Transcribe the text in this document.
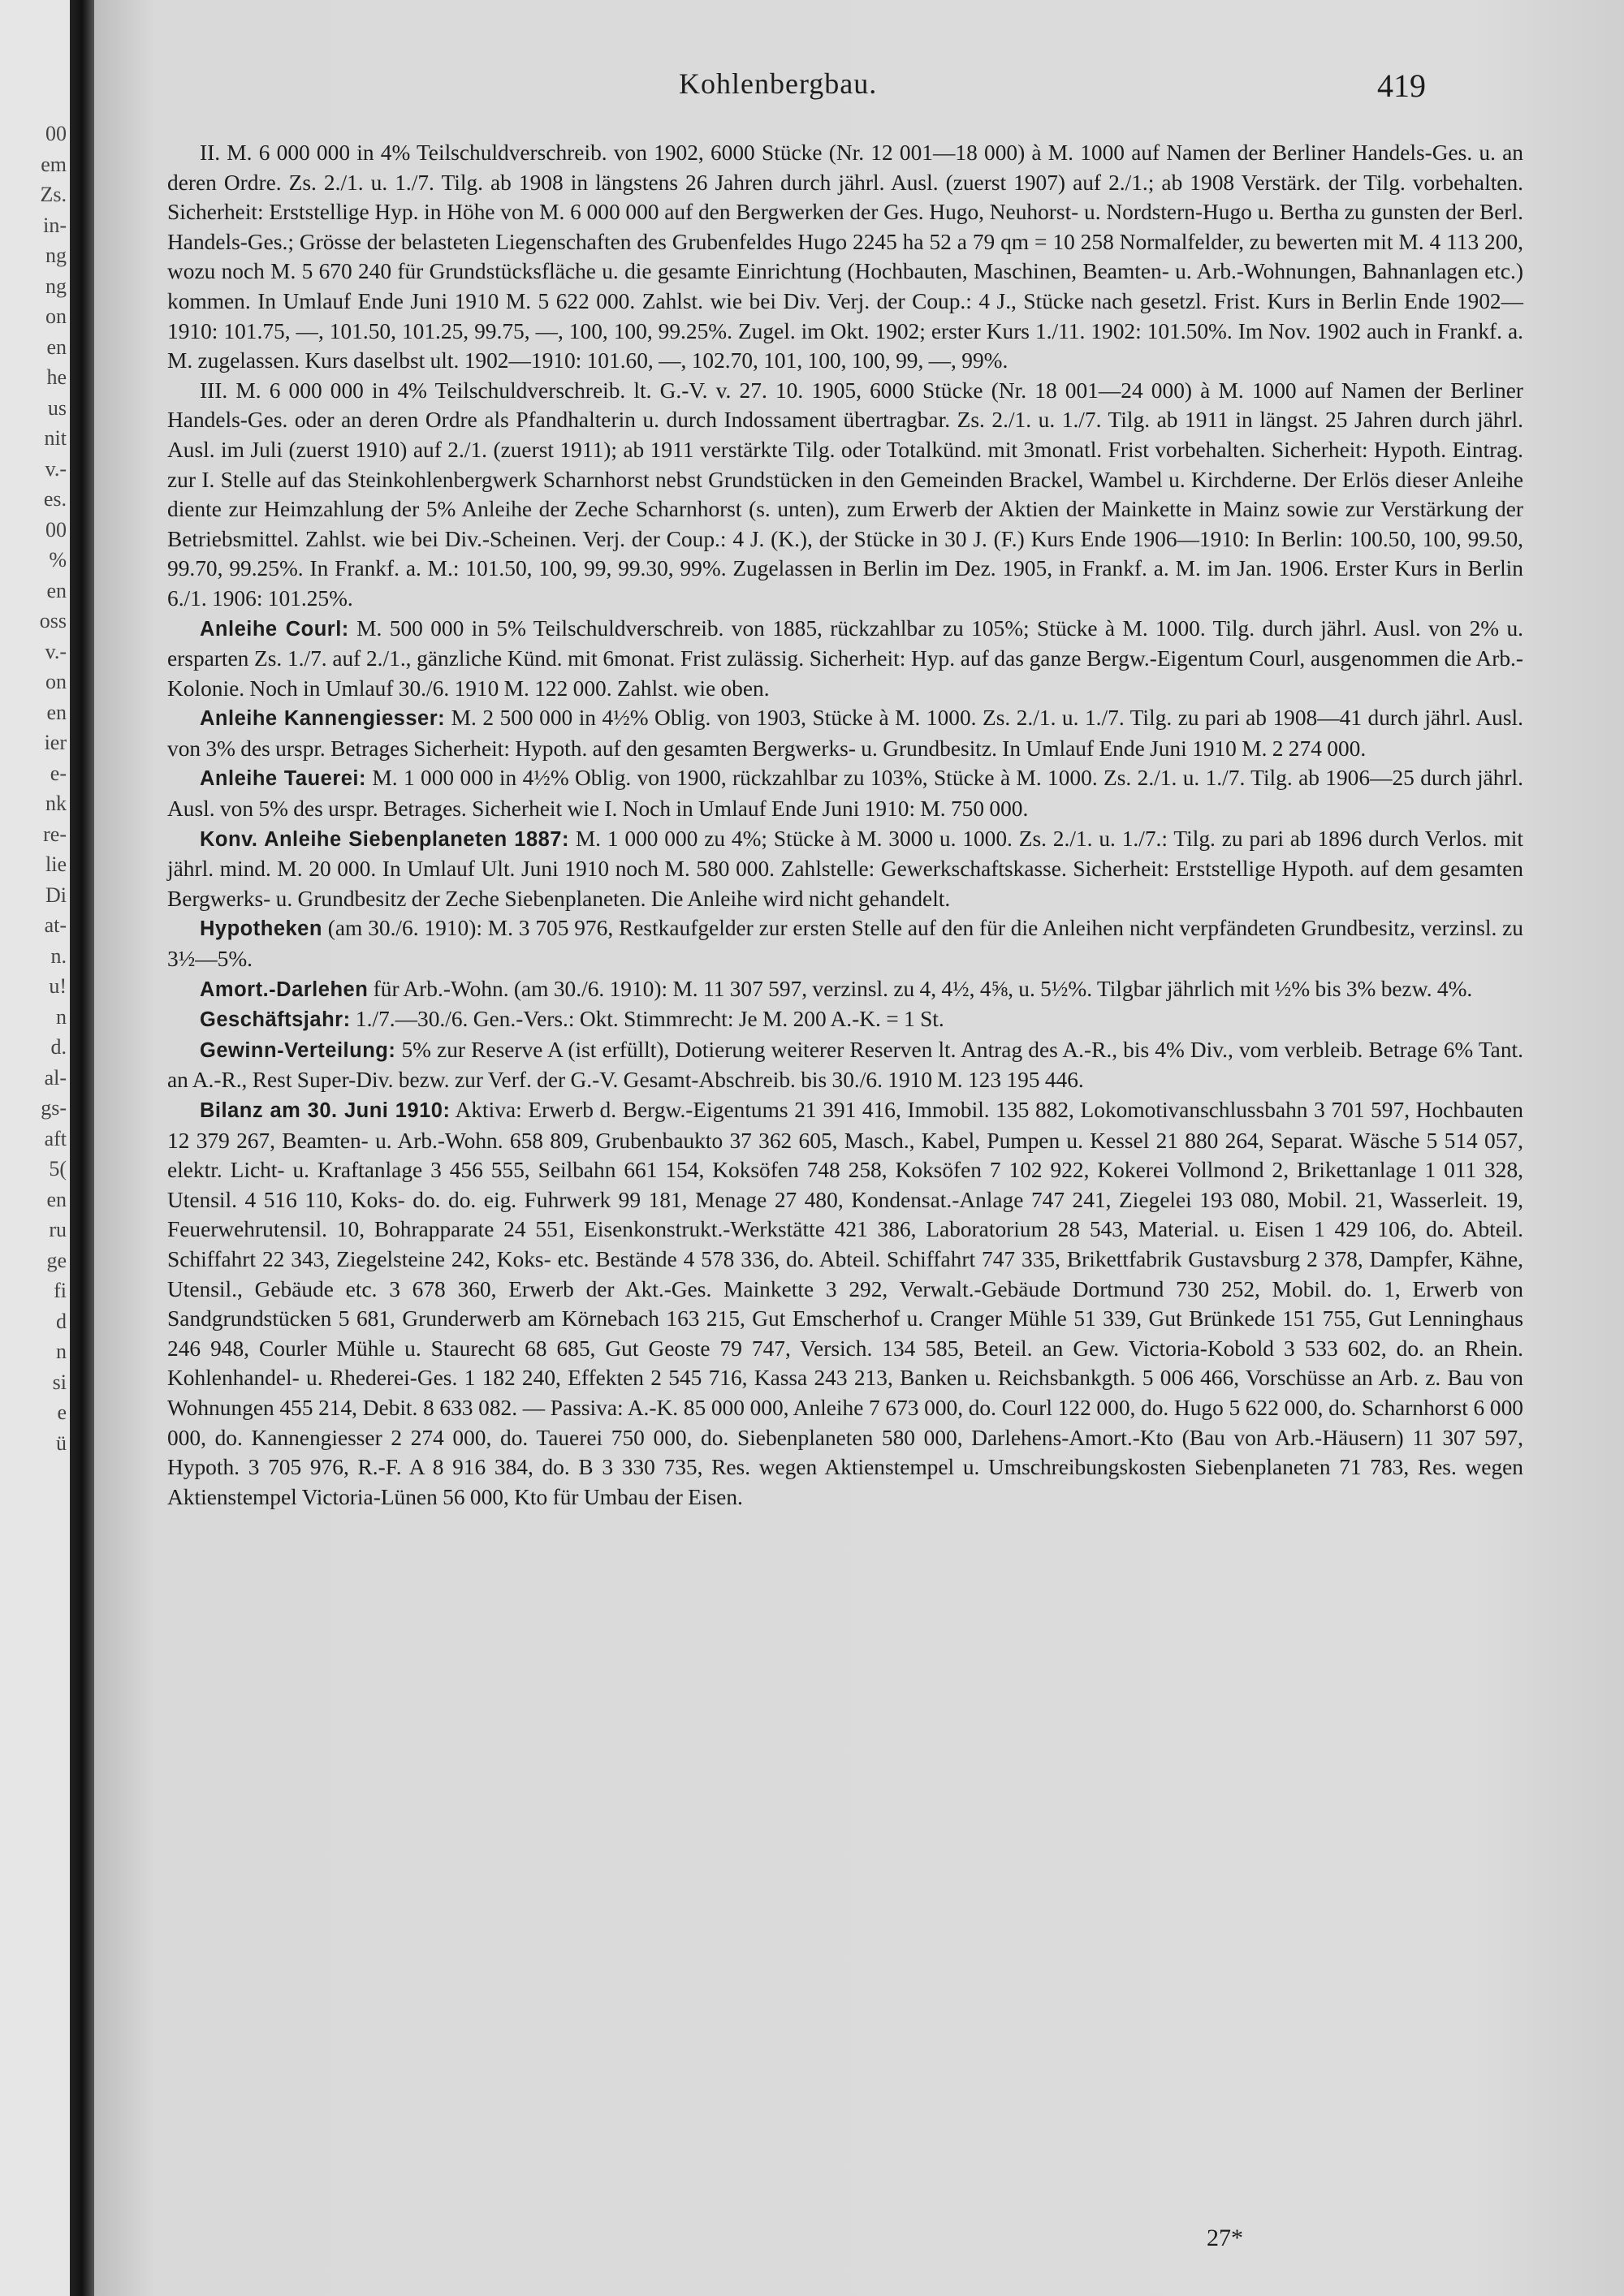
00
em
Zs.
in-
ng
ng
on
en
he
us
nit
v.-
es.
00
%
en
oss
v.-
on
en
ier
e-
nk
re-
lie
Di
at-
n.
u!
n
d.
al-
gs-
aft
5(
en
ru
ge
fi
d
n
si
e
ü
Kohlenbergbau.	419

II. M. 6 000 000 in 4% Teilschuldverschreib. von 1902, 6000 Stücke (Nr. 12 001—18 000) à M. 1000 auf Namen der Berliner Handels-Ges. u. an deren Ordre. Zs. 2./1. u. 1./7. Tilg. ab 1908 in längstens 26 Jahren durch jährl. Ausl. (zuerst 1907) auf 2./1.; ab 1908 Verstärk. der Tilg. vorbehalten. Sicherheit: Erststellige Hyp. in Höhe von M. 6 000 000 auf den Bergwerken der Ges. Hugo, Neuhorst- u. Nordstern-Hugo u. Bertha zu gunsten der Berl. Handels-Ges.; Grösse der belasteten Liegenschaften des Grubenfeldes Hugo 2245 ha 52 a 79 qm = 10 258 Normalfelder, zu bewerten mit M. 4 113 200, wozu noch M. 5 670 240 für Grundstücksfläche u. die gesamte Einrichtung (Hochbauten, Maschinen, Beamten- u. Arb.-Wohnungen, Bahnanlagen etc.) kommen. In Umlauf Ende Juni 1910 M. 5 622 000. Zahlst. wie bei Div. Verj. der Coup.: 4 J., Stücke nach gesetzl. Frist. Kurs in Berlin Ende 1902—1910: 101.75, —, 101.50, 101.25, 99.75, —, 100, 100, 99.25%. Zugel. im Okt. 1902; erster Kurs 1./11. 1902: 101.50%. Im Nov. 1902 auch in Frankf. a. M. zugelassen. Kurs daselbst ult. 1902—1910: 101.60, —, 102.70, 101, 100, 100, 99, —, 99%.

III. M. 6 000 000 in 4% Teilschuldverschreib. lt. G.-V. v. 27. 10. 1905, 6000 Stücke (Nr. 18 001—24 000) à M. 1000 auf Namen der Berliner Handels-Ges. oder an deren Ordre als Pfandhalterin u. durch Indossament übertragbar. Zs. 2./1. u. 1./7. Tilg. ab 1911 in längst. 25 Jahren durch jährl. Ausl. im Juli (zuerst 1910) auf 2./1. (zuerst 1911); ab 1911 verstärkte Tilg. oder Totalkünd. mit 3monatl. Frist vorbehalten. Sicherheit: Hypoth. Eintrag. zur I. Stelle auf das Steinkohlenbergwerk Scharnhorst nebst Grundstücken in den Gemeinden Brackel, Wambel u. Kirchderne. Der Erlös dieser Anleihe diente zur Heimzahlung der 5% Anleihe der Zeche Scharnhorst (s. unten), zum Erwerb der Aktien der Mainkette in Mainz sowie zur Verstärkung der Betriebsmittel. Zahlst. wie bei Div.-Scheinen. Verj. der Coup.: 4 J. (K.), der Stücke in 30 J. (F.) Kurs Ende 1906—1910: In Berlin: 100.50, 100, 99.50, 99.70, 99.25%. In Frankf. a. M.: 101.50, 100, 99, 99.30, 99%. Zugelassen in Berlin im Dez. 1905, in Frankf. a. M. im Jan. 1906. Erster Kurs in Berlin 6./1. 1906: 101.25%.

Anleihe Courl: M. 500 000 in 5% Teilschuldverschreib. von 1885, rückzahlbar zu 105%; Stücke à M. 1000. Tilg. durch jährl. Ausl. von 2% u. ersparten Zs. 1./7. auf 2./1., gänzliche Künd. mit 6monat. Frist zulässig. Sicherheit: Hyp. auf das ganze Bergw.-Eigentum Courl, ausgenommen die Arb.-Kolonie. Noch in Umlauf 30./6. 1910 M. 122 000. Zahlst. wie oben.

Anleihe Kannengiesser: M. 2 500 000 in 4½% Oblig. von 1903, Stücke à M. 1000. Zs. 2./1. u. 1./7. Tilg. zu pari ab 1908—41 durch jährl. Ausl. von 3% des urspr. Betrages Sicherheit: Hypoth. auf den gesamten Bergwerks- u. Grundbesitz. In Umlauf Ende Juni 1910 M. 2 274 000.

Anleihe Tauerei: M. 1 000 000 in 4½% Oblig. von 1900, rückzahlbar zu 103%, Stücke à M. 1000. Zs. 2./1. u. 1./7. Tilg. ab 1906—25 durch jährl. Ausl. von 5% des urspr. Betrages. Sicherheit wie I. Noch in Umlauf Ende Juni 1910: M. 750 000.

Konv. Anleihe Siebenplaneten 1887: M. 1 000 000 zu 4%; Stücke à M. 3000 u. 1000. Zs. 2./1. u. 1./7.: Tilg. zu pari ab 1896 durch Verlos. mit jährl. mind. M. 20 000. In Umlauf Ult. Juni 1910 noch M. 580 000. Zahlstelle: Gewerkschaftskasse. Sicherheit: Erststellige Hypoth. auf dem gesamten Bergwerks- u. Grundbesitz der Zeche Siebenplaneten. Die Anleihe wird nicht gehandelt.

Hypotheken (am 30./6. 1910): M. 3 705 976, Restkaufgelder zur ersten Stelle auf den für die Anleihen nicht verpfändeten Grundbesitz, verzinsl. zu 3½—5%.

Amort.-Darlehen für Arb.-Wohn. (am 30./6. 1910): M. 11 307 597, verzinsl. zu 4, 4½, 4⅝, u. 5½%. Tilgbar jährlich mit ½% bis 3% bezw. 4%.

Geschäftsjahr: 1./7.—30./6. Gen.-Vers.: Okt. Stimmrecht: Je M. 200 A.-K. = 1 St.

Gewinn-Verteilung: 5% zur Reserve A (ist erfüllt), Dotierung weiterer Reserven lt. Antrag des A.-R., bis 4% Div., vom verbleib. Betrage 6% Tant. an A.-R., Rest Super-Div. bezw. zur Verf. der G.-V. Gesamt-Abschreib. bis 30./6. 1910 M. 123 195 446.

Bilanz am 30. Juni 1910: Aktiva: Erwerb d. Bergw.-Eigentums 21 391 416, Immobil. 135 882, Lokomotivanschlussbahn 3 701 597, Hochbauten 12 379 267, Beamten- u. Arb.-Wohn. 658 809, Grubenbaukto 37 362 605, Masch., Kabel, Pumpen u. Kessel 21 880 264, Separat. Wäsche 5 514 057, elektr. Licht- u. Kraftanlage 3 456 555, Seilbahn 661 154, Koksöfen 748 258, Koksöfen 7 102 922, Kokerei Vollmond 2, Brikettanlage 1 011 328, Utensil. 4 516 110, Koks- do. do. eig. Fuhrwerk 99 181, Menage 27 480, Kondensat.-Anlage 747 241, Ziegelei 193 080, Mobil. 21, Wasserleit. 19, Feuerwehrutensil. 10, Bohrapparate 24 551, Eisenkonstrukt.-Werkstätte 421 386, Laboratorium 28 543, Material. u. Eisen 1 429 106, do. Abteil. Schiffahrt 22 343, Ziegelsteine 242, Koks- etc. Bestände 4 578 336, do. Abteil. Schiffahrt 747 335, Brikettfabrik Gustavsburg 2 378, Dampfer, Kähne, Utensil., Gebäude etc. 3 678 360, Erwerb der Akt.-Ges. Mainkette 3 292, Verwalt.-Gebäude Dortmund 730 252, Mobil. do. 1, Erwerb von Sandgrundstücken 5 681, Grunderwerb am Körnebach 163 215, Gut Emscherhof u. Cranger Mühle 51 339, Gut Brünkede 151 755, Gut Lenninghaus 246 948, Courler Mühle u. Staurecht 68 685, Gut Geoste 79 747, Versich. 134 585, Beteil. an Gew. Victoria-Kobold 3 533 602, do. an Rhein. Kohlenhandel- u. Rhederei-Ges. 1 182 240, Effekten 2 545 716, Kassa 243 213, Banken u. Reichsbankgth. 5 006 466, Vorschüsse an Arb. z. Bau von Wohnungen 455 214, Debit. 8 633 082. — Passiva: A.-K. 85 000 000, Anleihe 7 673 000, do. Courl 122 000, do. Hugo 5 622 000, do. Scharnhorst 6 000 000, do. Kannengiesser 2 274 000, do. Tauerei 750 000, do. Siebenplaneten 580 000, Darlehens-Amort.-Kto (Bau von Arb.-Häusern) 11 307 597, Hypoth. 3 705 976, R.-F. A 8 916 384, do. B 3 330 735, Res. wegen Aktienstempel u. Umschreibungskosten Siebenplaneten 71 783, Res. wegen Aktienstempel Victoria-Lünen 56 000, Kto für Umbau der Eisen.

27*
